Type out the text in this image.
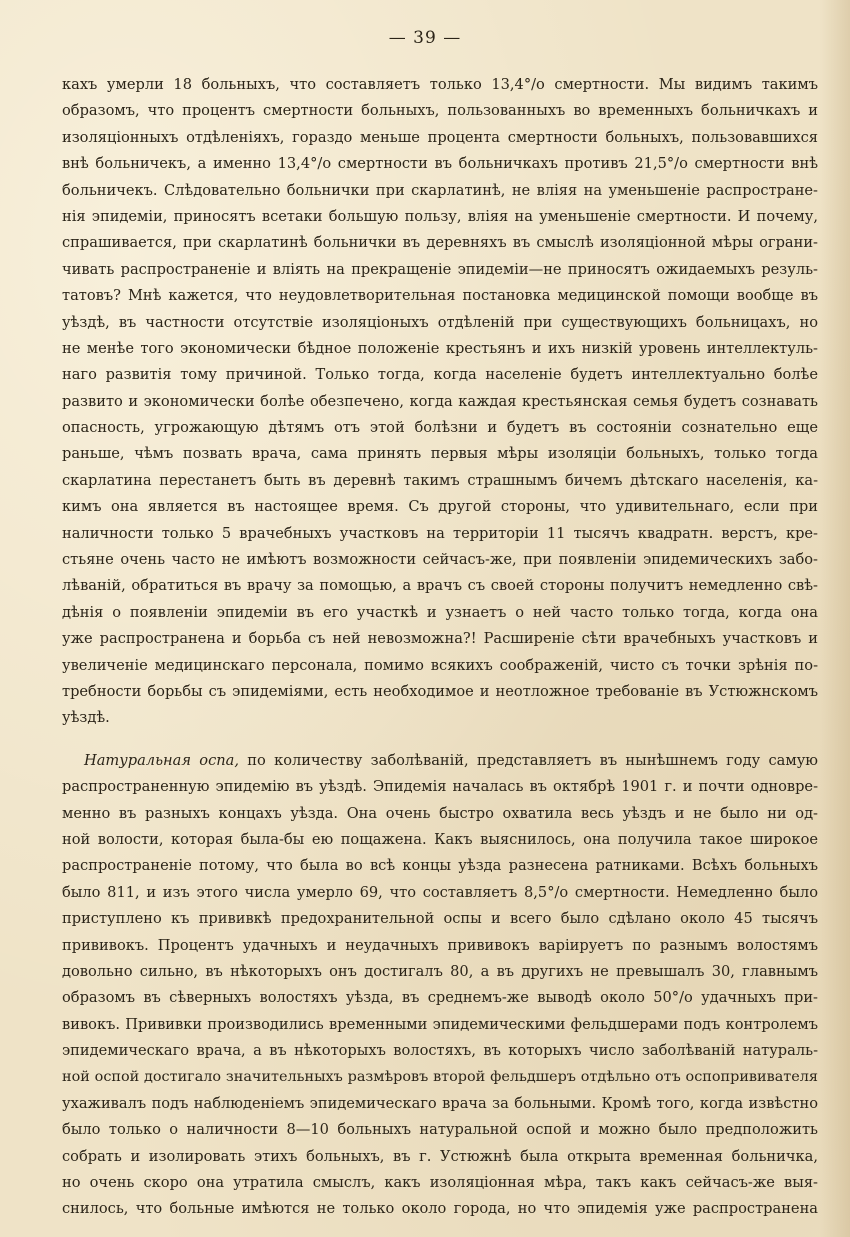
— 39 —
кахъ умерли 18 больныхъ, что составляетъ только 13,4°/о смертности. Мы видимъ такимъ
образомъ, что процентъ смертности больныхъ, пользованныхъ во временныхъ больничкахъ и
изоляціонныхъ отдѣленіяхъ, гораздо меньше процента смертности больныхъ, пользовавшихся
внѣ больничекъ, а именно 13,4°/о смертности въ больничкахъ противъ 21,5°/о смертности внѣ
больничекъ. Слѣдовательно больнички при скарлатинѣ, не вліяя на уменьшеніе распростране-
нія эпидеміи, приносятъ всетаки большую пользу, вліяя на уменьшеніе смертности. И почему,
спрашивается, при скарлатинѣ больнички въ деревняхъ въ смыслѣ изоляціонной мѣры ограни-
чивать распространеніе и вліять на прекращеніе эпидеміи—не приносятъ ожидаемыхъ резуль-
татовъ? Мнѣ кажется, что неудовлетворительная постановка медицинской помощи вообще въ
уѣздѣ, въ частности отсутствіе изоляціоныхъ отдѣленій при существующихъ больницахъ, но
не менѣе того экономически бѣдное положеніе крестьянъ и ихъ низкій уровень интеллектуль-
наго развитія тому причиной. Только тогда, когда населеніе будетъ интеллектуально болѣе
развито и экономически болѣе обезпечено, когда каждая крестьянская семья будетъ сознавать
опасность, угрожающую дѣтямъ отъ этой болѣзни и будетъ въ состояніи сознательно еще
раньше, чѣмъ позвать врача, сама принять первыя мѣры изоляціи больныхъ, только тогда
скарлатина перестанетъ быть въ деревнѣ такимъ страшнымъ бичемъ дѣтскаго населенія, ка-
кимъ она является въ настоящее время. Съ другой стороны, что удивительнаго, если при
наличности только 5 врачебныхъ участковъ на территоріи 11 тысячъ квадратн. верстъ, кре-
стьяне очень часто не имѣютъ возможности сейчасъ-же, при появленіи эпидемическихъ забо-
лѣваній, обратиться въ врачу за помощью, а врачъ съ своей стороны получитъ немедленно свѣ-
дѣнія о появленіи эпидеміи въ его участкѣ и узнаетъ о ней часто только тогда, когда она
уже распространена и борьба съ ней невозможна?! Расширеніе сѣти врачебныхъ участковъ и
увеличеніе медицинскаго персонала, помимо всякихъ соображеній, чисто съ точки зрѣнія по-
требности борьбы съ эпидеміями, есть необходимое и неотложное требованіе въ Устюжнскомъ
уѣздѣ.
Натуральная оспа, по количеству заболѣваній, представляетъ въ нынѣшнемъ году самую
распространенную эпидемію въ уѣздѣ. Эпидемія началась въ октябрѣ 1901 г. и почти одновре-
менно въ разныхъ концахъ уѣзда. Она очень быстро охватила весь уѣздъ и не было ни од-
ной волости, которая была-бы ею пощажена. Какъ выяснилось, она получила такое широкое
распространеніе потому, что была во всѣ концы уѣзда разнесена ратниками. Всѣхъ больныхъ
было 811, и изъ этого числа умерло 69, что составляетъ 8,5°/о смертности. Немедленно было
приступлено къ прививкѣ предохранительной оспы и всего было сдѣлано около 45 тысячъ
прививокъ. Процентъ удачныхъ и неудачныхъ прививокъ варіируетъ по разнымъ волостямъ
довольно сильно, въ нѣкоторыхъ онъ достигалъ 80, а въ другихъ не превышалъ 30, главнымъ
образомъ въ сѣверныхъ волостяхъ уѣзда, въ среднемъ-же выводѣ около 50°/о удачныхъ при-
вивокъ. Прививки производились временными эпидемическими фельдшерами подъ контролемъ
эпидемическаго врача, а въ нѣкоторыхъ волостяхъ, въ которыхъ число заболѣваній натураль-
ной оспой достигало значительныхъ размѣровъ второй фельдшеръ отдѣльно отъ оспопрививателя
ухаживалъ подъ наблюденіемъ эпидемическаго врача за больными. Кромѣ того, когда извѣстно
было только о наличности 8—10 больныхъ натуральной оспой и можно было предположить
собрать и изолировать этихъ больныхъ, въ г. Устюжнѣ была открыта временная больничка,
но очень скоро она утратила смыслъ, какъ изоляціонная мѣра, такъ какъ сейчасъ-же выя-
снилось, что больные имѣются не только около города, но что эпидемія уже распространена
